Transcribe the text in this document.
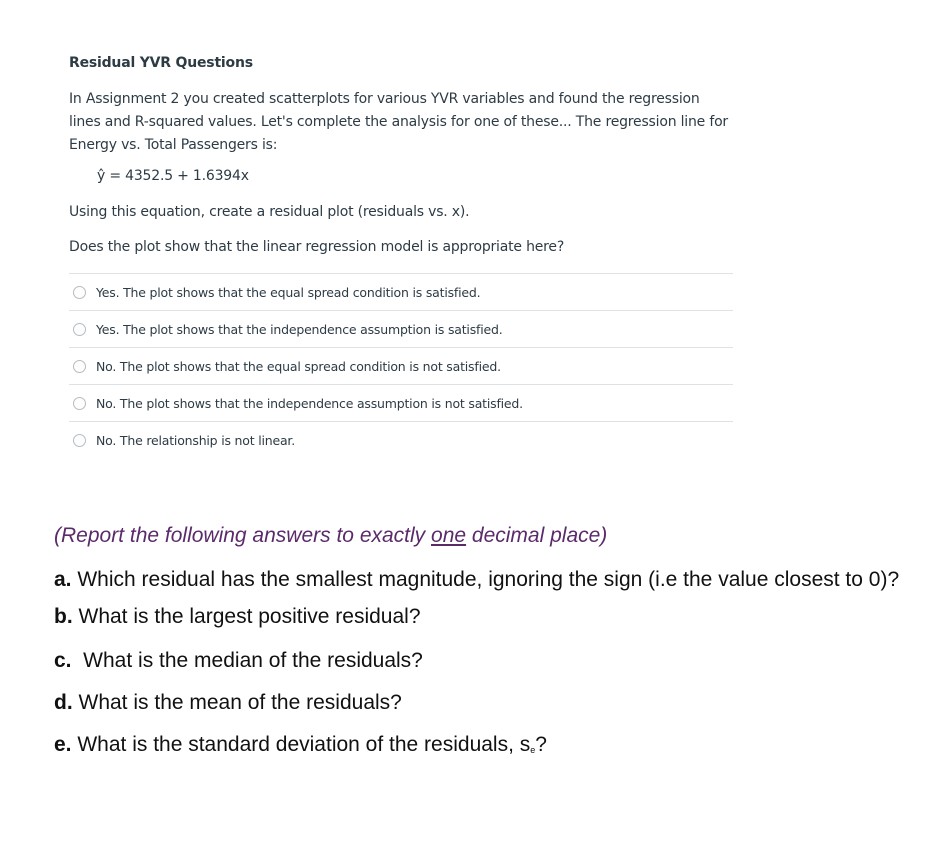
Residual YVR Questions
In Assignment 2 you created scatterplots for various YVR variables and found the regression lines and R-squared values. Let's complete the analysis for one of these... The regression line for Energy vs. Total Passengers is:
ŷ = 4352.5 + 1.6394x
Using this equation, create a residual plot (residuals vs. x).
Does the plot show that the linear regression model is appropriate here?
Yes. The plot shows that the equal spread condition is satisfied.
Yes. The plot shows that the independence assumption is satisfied.
No. The plot shows that the equal spread condition is not satisfied.
No. The plot shows that the independence assumption is not satisfied.
No. The relationship is not linear.

(Report the following answers to exactly one decimal place)

a. Which residual has the smallest magnitude, ignoring the sign (i.e the value closest to 0)?

b. What is the largest positive residual?

c.  What is the median of the residuals?

d. What is the mean of the residuals?

e. What is the standard deviation of the residuals, $s_e$?
